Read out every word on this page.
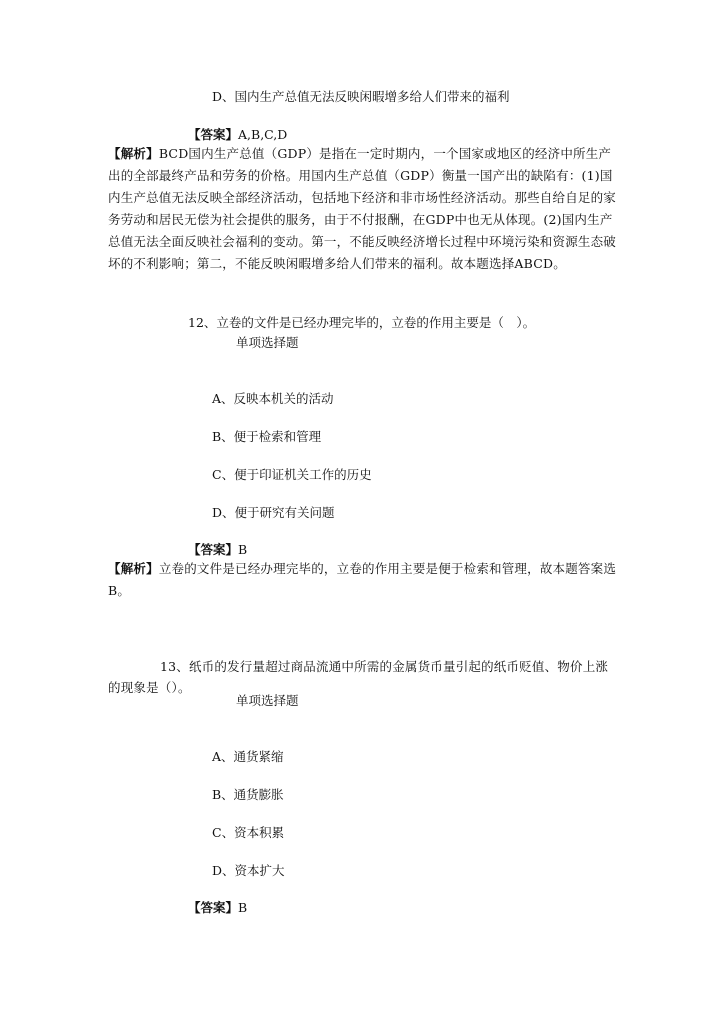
D、国内生产总值无法反映闲暇增多给人们带来的福利
【答案】A,B,C,D
【解析】BCD国内生产总值（GDP）是指在一定时期内，一个国家或地区的经济中所生产出的全部最终产品和劳务的价格。用国内生产总值（GDP）衡量一国产出的缺陷有：(1)国内生产总值无法反映全部经济活动，包括地下经济和非市场性经济活动。那些自给自足的家务劳动和居民无偿为社会提供的服务，由于不付报酬，在GDP中也无从体现。(2)国内生产总值无法全面反映社会福利的变动。第一，不能反映经济增长过程中环境污染和资源生态破坏的不利影响；第二，不能反映闲暇增多给人们带来的福利。故本题选择ABCD。
12、立卷的文件是已经办理完毕的，立卷的作用主要是（　）。
单项选择题
A、反映本机关的活动
B、便于检索和管理
C、便于印证机关工作的历史
D、便于研究有关问题
【答案】B
【解析】立卷的文件是已经办理完毕的，立卷的作用主要是便于检索和管理，故本题答案选B。
13、纸币的发行量超过商品流通中所需的金属货币量引起的纸币贬值、物价上涨的现象是（）。
单项选择题
A、通货紧缩
B、通货膨胀
C、资本积累
D、资本扩大
【答案】B
